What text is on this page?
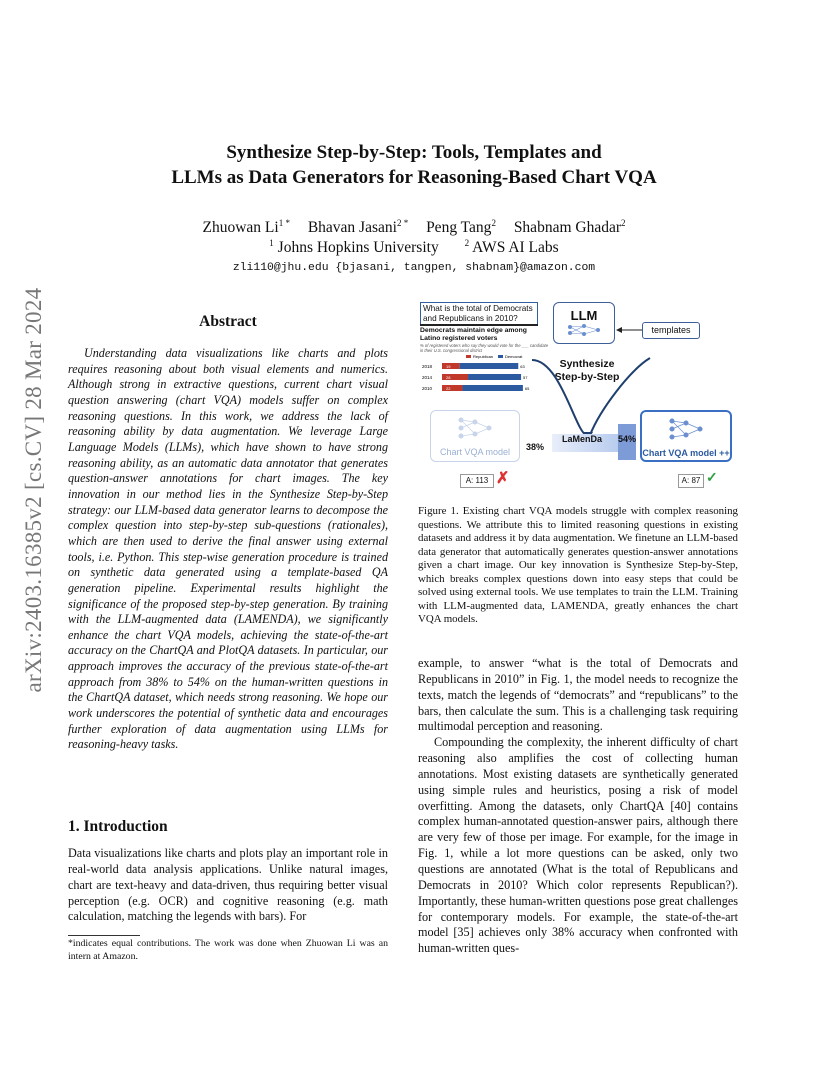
arXiv:2403.16385v2 [cs.CV] 28 Mar 2024
Synthesize Step-by-Step: Tools, Templates and
LLMs as Data Generators for Reasoning-Based Chart VQA
Zhuowan $Li^{1 *}$ Bhavan Jasani$^{2 *}$ Peng Tang$^2$ Shabnam Ghadar$^2$
$^1$ Johns Hopkins University	$^2$ AWS AI Labs
zli110@jhu.edu {bjasani, tangpen, shabnam}@amazon.com
Abstract
Understanding data visualizations like charts and plots requires reasoning about both visual elements and numerics. Although strong in extractive questions, current chart visual question answering (chart VQA) models suffer on complex reasoning questions. In this work, we address the lack of reasoning ability by data augmentation. We leverage Large Language Models (LLMs), which have shown to have strong reasoning ability, as an automatic data annotator that generates question-answer annotations for chart images. The key innovation in our method lies in the Synthesize Step-by-Step strategy: our LLM-based data generator learns to decompose the complex question into step-by-step sub-questions (rationales), which are then used to derive the final answer using external tools, i.e. Python. This step-wise generation procedure is trained on synthetic data generated using a template-based QA generation pipeline. Experimental results highlight the significance of the proposed step-by-step generation. By training with the LLM-augmented data (LAMENDA), we significantly enhance the chart VQA models, achieving the state-of-the-art accuracy on the ChartQA and PlotQA datasets. In particular, our approach improves the accuracy of the previous state-of-the-art approach from 38% to 54% on the human-written questions in the ChartQA dataset, which needs strong reasoning. We hope our work underscores the potential of synthetic data and encourages further exploration of data augmentation using LLMs for reasoning-heavy tasks.
1. Introduction
Data visualizations like charts and plots play an important role in real-world data analysis applications. Unlike natural images, chart are text-heavy and data-driven, thus requiring better visual perception (e.g. OCR) and cognitive reasoning (e.g. math calculation, matching the legends with bars). For
*indicates equal contributions. The work was done when Zhuowan Li was an intern at Amazon.
What is the total of Democrats and Republicans in 2010?
Democrats maintain edge among Latino registered voters
% of registered voters who say they would vote for the ___ candidate in their U.S. congressional district
Republican	Democrat
2018	19	63
2014	28	57
2010	22	65
LLM
templates
Synthesize
Step-by-Step
Chart VQA model	38%
LaMenDa 54%
Chart VQA model ++
A: 113 ✗	A: 87 ✓
Figure 1. Existing chart VQA models struggle with complex reasoning questions. We attribute this to limited reasoning questions in existing datasets and address it by data augmentation. We finetune an LLM-based data generator that automatically generates question-answer annotations given a chart image. Our key innovation is Synthesize Step-by-Step, which breaks complex questions down into easy steps that could be solved using external tools. We use templates to train the LLM. Training with LLM-augmented data, LAMENDA, greatly enhances the chart VQA models.

example, to answer “what is the total of Democrats and Republicans in 2010” in Fig. 1, the model needs to recognize the texts, match the legends of “democrats” and “republicans” to the bars, then calculate the sum. This is a challenging task requiring multimodal perception and reasoning.

Compounding the complexity, the inherent difficulty of chart reasoning also amplifies the cost of collecting human annotations. Most existing datasets are synthetically generated using simple rules and heuristics, posing a risk of model overfitting. Among the datasets, only ChartQA [40] contains complex human-annotated question-answer pairs, although there are very few of those per image. For example, for the image in Fig. 1, while a lot more questions can be asked, only two questions are annotated (What is the total of Republicans and Democrats in 2010? Which color represents Republican?). Importantly, these human-written questions pose great challenges for contemporary models. For example, the state-of-the-art model [35] achieves only 38% accuracy when confronted with human-written ques-
